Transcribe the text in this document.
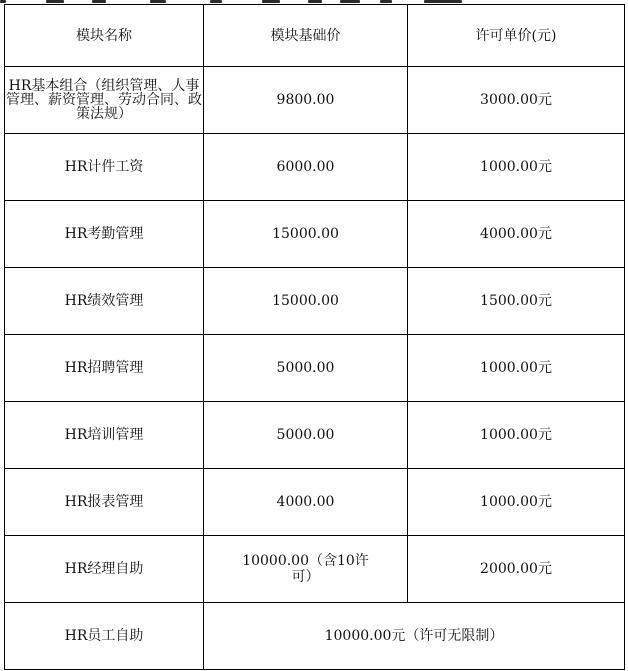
模块名称	模块基础价	许可单价(元)
HR基本组合（组织管理、人事管理、薪资管理、劳动合同、政策法规）	9800.00	3000.00元
HR计件工资	6000.00	1000.00元
HR考勤管理	15000.00	4000.00元
HR绩效管理	15000.00	1500.00元
HR招聘管理	5000.00	1000.00元
HR培训管理	5000.00	1000.00元
HR报表管理	4000.00	1000.00元
HR经理自助	10000.00（含10许可）	2000.00元
HR员工自助	10000.00元（许可无限制）	
